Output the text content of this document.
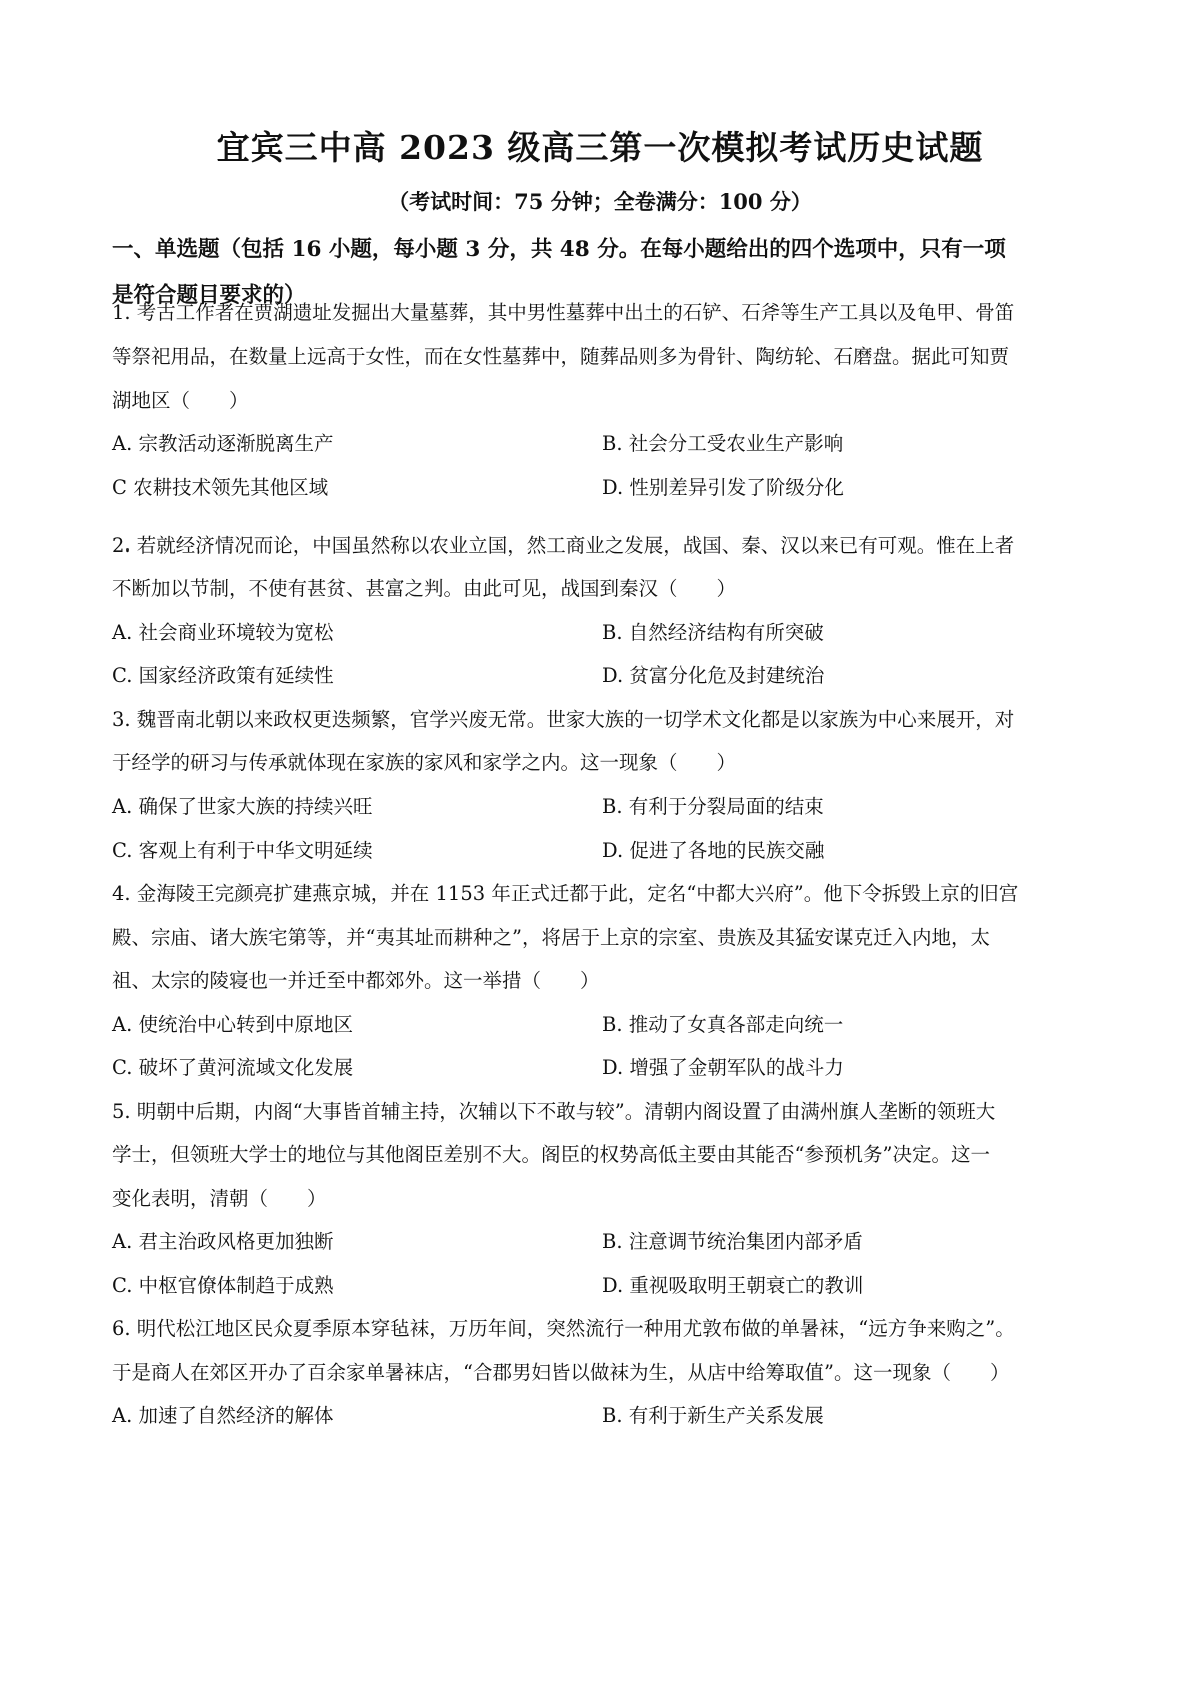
宜宾三中高 2023 级高三第一次模拟考试历史试题
（考试时间：75 分钟；全卷满分：100 分）
一、单选题（包括 16 小题，每小题 3 分，共 48 分。在每小题给出的四个选项中，只有一项
是符合题目要求的）
1. 考古工作者在贾湖遗址发掘出大量墓葬，其中男性墓葬中出土的石铲、石斧等生产工具以及龟甲、骨笛
等祭祀用品，在数量上远高于女性，而在女性墓葬中，随葬品则多为骨针、陶纺轮、石磨盘。据此可知贾
湖地区（　　）
A. 宗教活动逐渐脱离生产	B. 社会分工受农业生产影响
C 农耕技术领先其他区域	D. 性别差异引发了阶级分化
2. 若就经济情况而论，中国虽然称以农业立国，然工商业之发展，战国、秦、汉以来已有可观。惟在上者
不断加以节制，不使有甚贫、甚富之判。由此可见，战国到秦汉（　　）
A. 社会商业环境较为宽松	B. 自然经济结构有所突破
C. 国家经济政策有延续性	D. 贫富分化危及封建统治
3. 魏晋南北朝以来政权更迭频繁，官学兴废无常。世家大族的一切学术文化都是以家族为中心来展开，对
于经学的研习与传承就体现在家族的家风和家学之内。这一现象（　　）
A. 确保了世家大族的持续兴旺	B. 有利于分裂局面的结束
C. 客观上有利于中华文明延续	D. 促进了各地的民族交融
4. 金海陵王完颜亮扩建燕京城，并在 1153 年正式迁都于此，定名“中都大兴府”。他下令拆毁上京的旧宫
殿、宗庙、诸大族宅第等，并“夷其址而耕种之”，将居于上京的宗室、贵族及其猛安谋克迁入内地，太
祖、太宗的陵寝也一并迁至中都郊外。这一举措（　　）
A. 使统治中心转到中原地区	B. 推动了女真各部走向统一
C. 破坏了黄河流域文化发展	D. 增强了金朝军队的战斗力
5. 明朝中后期，内阁“大事皆首辅主持，次辅以下不敢与较”。清朝内阁设置了由满州旗人垄断的领班大
学士，但领班大学士的地位与其他阁臣差别不大。阁臣的权势高低主要由其能否“参预机务”决定。这一
变化表明，清朝（　　）
A. 君主治政风格更加独断	B. 注意调节统治集团内部矛盾
C. 中枢官僚体制趋于成熟	D. 重视吸取明王朝衰亡的教训
6. 明代松江地区民众夏季原本穿毡袜，万历年间，突然流行一种用尤敦布做的单暑袜，“远方争来购之”。
于是商人在郊区开办了百余家单暑袜店，“合郡男妇皆以做袜为生，从店中给筹取值”。这一现象（　　）
A. 加速了自然经济的解体	B. 有利于新生产关系发展
